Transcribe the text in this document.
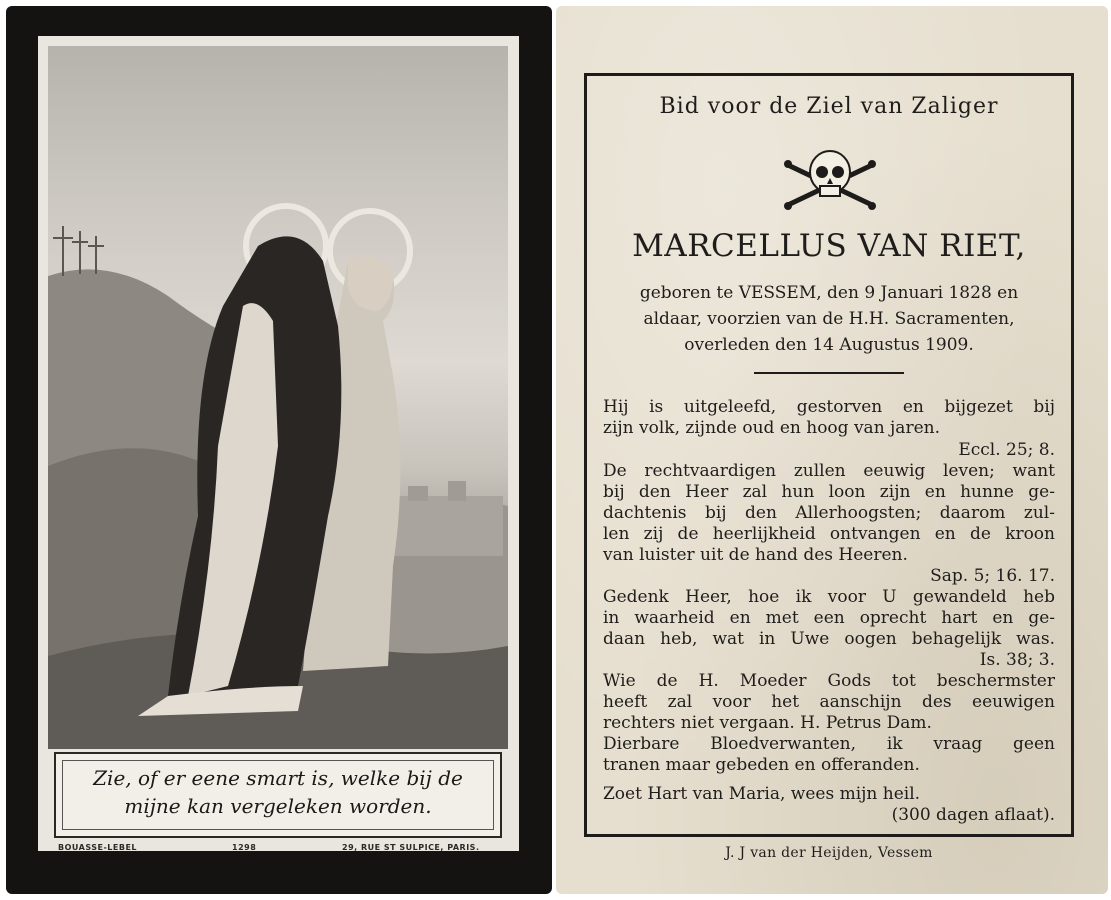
Zie, of er eene smart is, welke bij de
mijne kan vergeleken worden.
BOUASSE-LEBEL	1298	29, RUE ST SULPICE, PARIS.
Bid voor de Ziel van Zaliger
MARCELLUS VAN RIET,
geboren te VESSEM, den 9 Januari 1828 en
aldaar, voorzien van de H.H. Sacramenten,
overleden den 14 Augustus 1909.
Hij is uitgeleefd, gestorven en bijgezet bij
zijn volk, zijnde oud en hoog van jaren.
Eccl. 25; 8.
De rechtvaardigen zullen eeuwig leven; want
bij den Heer zal hun loon zijn en hunne ge-
dachtenis bij den Allerhoogsten; daarom zul-
len zij de heerlijkheid ontvangen en de kroon
van luister uit de hand des Heeren.
Sap. 5; 16. 17.
Gedenk Heer, hoe ik voor U gewandeld heb
in waarheid en met een oprecht hart en ge-
daan heb, wat in Uwe oogen behagelijk was.
Is. 38; 3.
Wie de H. Moeder Gods tot beschermster
heeft zal voor het aanschijn des eeuwigen
rechters niet vergaan. H. Petrus Dam.
Dierbare Bloedverwanten, ik vraag geen
tranen maar gebeden en offeranden.
Zoet Hart van Maria, wees mijn heil.
(300 dagen aflaat).
J. J van der Heijden, Vessem
